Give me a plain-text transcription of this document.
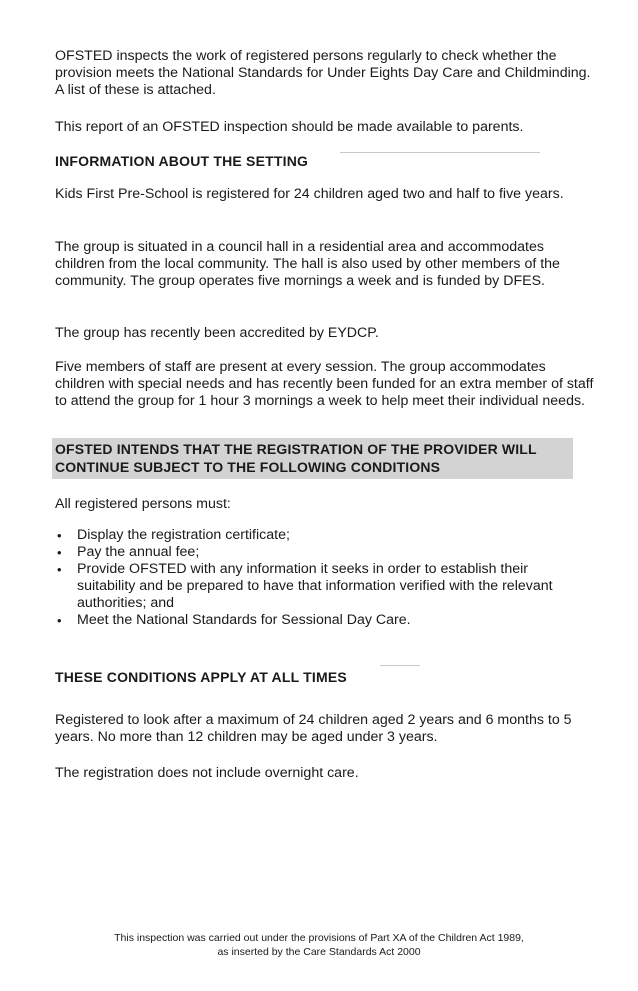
OFSTED inspects the work of registered persons regularly to check whether the provision meets the National Standards for Under Eights Day Care and Childminding. A list of these is attached.

This report of an OFSTED inspection should be made available to parents.

INFORMATION ABOUT THE SETTING

Kids First Pre-School is registered for 24 children aged two and half to five years.

The group is situated in a council hall in a residential area and accommodates children from the local community. The hall is also used by other members of the community. The group operates five mornings a week and is funded by DFES.

The group has recently been accredited by EYDCP.

Five members of staff are present at every session. The group accommodates children with special needs and has recently been funded for an extra member of staff to attend the group for 1 hour 3 mornings a week to help meet their individual needs.

OFSTED INTENDS THAT THE REGISTRATION OF THE PROVIDER WILL CONTINUE SUBJECT TO THE FOLLOWING CONDITIONS

All registered persons must:

• Display the registration certificate;
• Pay the annual fee;
• Provide OFSTED with any information it seeks in order to establish their suitability and be prepared to have that information verified with the relevant authorities; and
• Meet the National Standards for Sessional Day Care.
THESE CONDITIONS APPLY AT ALL TIMES

Registered to look after a maximum of 24 children aged 2 years and 6 months to 5 years. No more than 12 children may be aged under 3 years.

The registration does not include overnight care.

This inspection was carried out under the provisions of Part XA of the Children Act 1989,
as inserted by the Care Standards Act 2000
